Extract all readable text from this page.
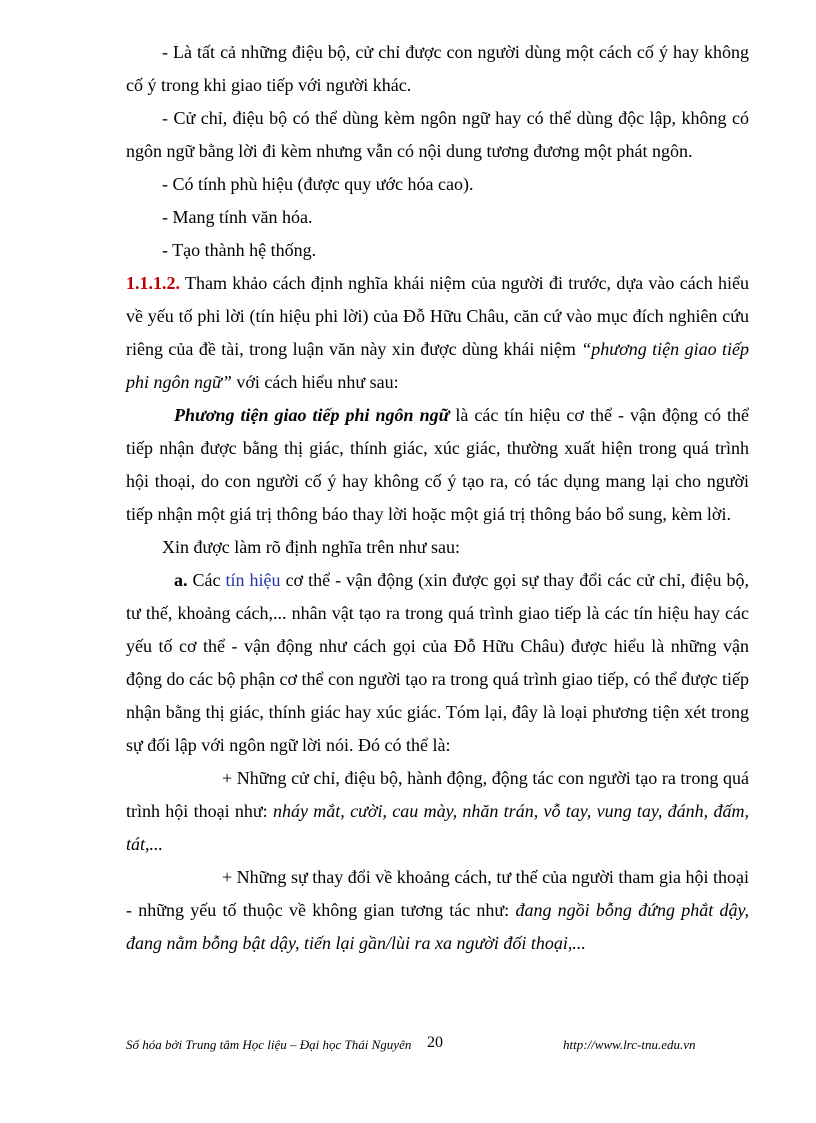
- Là tất cả những điệu bộ, cử chỉ được con người dùng một cách cố ý hay không cố ý trong khi giao tiếp với người khác.

- Cử chỉ, điệu bộ có thể dùng kèm ngôn ngữ hay có thể dùng độc lập, không có ngôn ngữ bằng lời đi kèm nhưng vẫn có nội dung tương đương một phát ngôn.

- Có tính phù hiệu (được quy ước hóa cao).

- Mang tính văn hóa.

- Tạo thành hệ thống.

1.1.1.2. Tham khảo cách định nghĩa khái niệm của người đi trước, dựa vào cách hiểu về yếu tố phi lời (tín hiệu phi lời) của Đỗ Hữu Châu, căn cứ vào mục đích nghiên cứu riêng của đề tài, trong luận văn này xin được dùng khái niệm “phương tiện giao tiếp phi ngôn ngữ” với cách hiểu như sau:

Phương tiện giao tiếp phi ngôn ngữ là các tín hiệu cơ thể - vận động có thể tiếp nhận được bằng thị giác, thính giác, xúc giác, thường xuất hiện trong quá trình hội thoại, do con người cố ý hay không cố ý tạo ra, có tác dụng mang lại cho người tiếp nhận một giá trị thông báo thay lời hoặc một giá trị thông báo bổ sung, kèm lời.

Xin được làm rõ định nghĩa trên như sau:

a. Các tín hiệu cơ thể - vận động (xin được gọi sự thay đổi các cử chỉ, điệu bộ, tư thế, khoảng cách,... nhân vật tạo ra trong quá trình giao tiếp là các tín hiệu hay các yếu tố cơ thể - vận động như cách gọi của Đỗ Hữu Châu) được hiểu là những vận động do các bộ phận cơ thể con người tạo ra trong quá trình giao tiếp, có thể được tiếp nhận bằng thị giác, thính giác hay xúc giác. Tóm lại, đây là loại phương tiện xét trong sự đối lập với ngôn ngữ lời nói. Đó có thể là:

+ Những cử chỉ, điệu bộ, hành động, động tác con người tạo ra trong quá trình hội thoại như: nháy mắt, cười, cau mày, nhăn trán, vỗ tay, vung tay, đánh, đấm, tát,...

+ Những sự thay đổi về khoảng cách, tư thế của người tham gia hội thoại - những yếu tố thuộc về không gian tương tác như: đang ngồi bỗng đứng phắt dậy, đang nằm bỗng bật dậy, tiến lại gần/lùi ra xa người đối thoại,...

Số hóa bởi Trung tâm Học liệu – Đại học Thái Nguyên 20	http://www.lrc-tnu.edu.vn
